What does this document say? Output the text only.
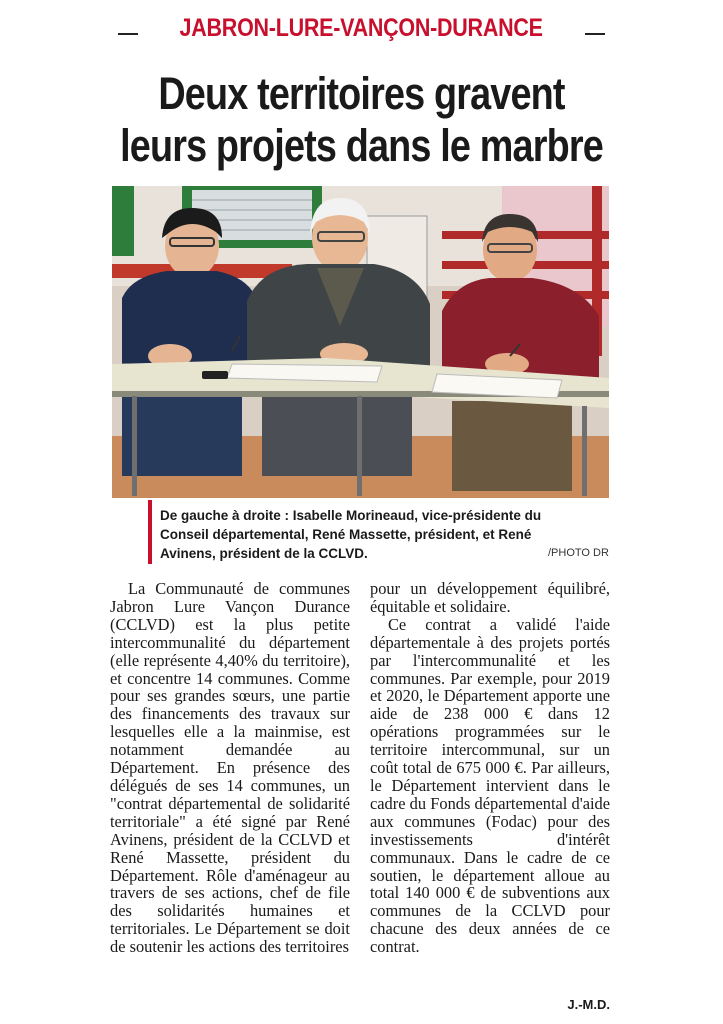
JABRON-LURE-VANÇON-DURANCE
Deux territoires gravent
leurs projets dans le marbre
De gauche à droite : Isabelle Morineaud, vice-présidente du Conseil départemental, René Massette, président, et René Avinens, président de la CCLVD.	/PHOTO DR

La Communauté de communes Jabron Lure Vançon Durance (CCLVD) est la plus petite intercommunalité du département (elle représente 4,40% du territoire), et concentre 14 communes. Comme pour ses grandes sœurs, une partie des financements des travaux sur lesquelles elle a la mainmise, est notamment demandée au Département. En présence des délégués de ses 14 communes, un "contrat départemental de solidarité territoriale" a été signé par René Avinens, président de la CCLVD et René Massette, président du Département. Rôle d'aménageur au travers de ses actions, chef de file des solidarités humaines et territoriales. Le Département se doit de soutenir les actions des territoires

pour un développement équilibré, équitable et solidaire.

Ce contrat a validé l'aide départementale à des projets portés par l'intercommunalité et les communes. Par exemple, pour 2019 et 2020, le Département apporte une aide de 238 000 € dans 12 opérations programmées sur le territoire intercommunal, sur un coût total de 675 000 €. Par ailleurs, le Département intervient dans le cadre du Fonds départemental d'aide aux communes (Fodac) pour des investissements d'intérêt communaux. Dans le cadre de ce soutien, le département alloue au total 140 000 € de subventions aux communes de la CCLVD pour chacune des deux années de ce contrat.

J.-M.D.
